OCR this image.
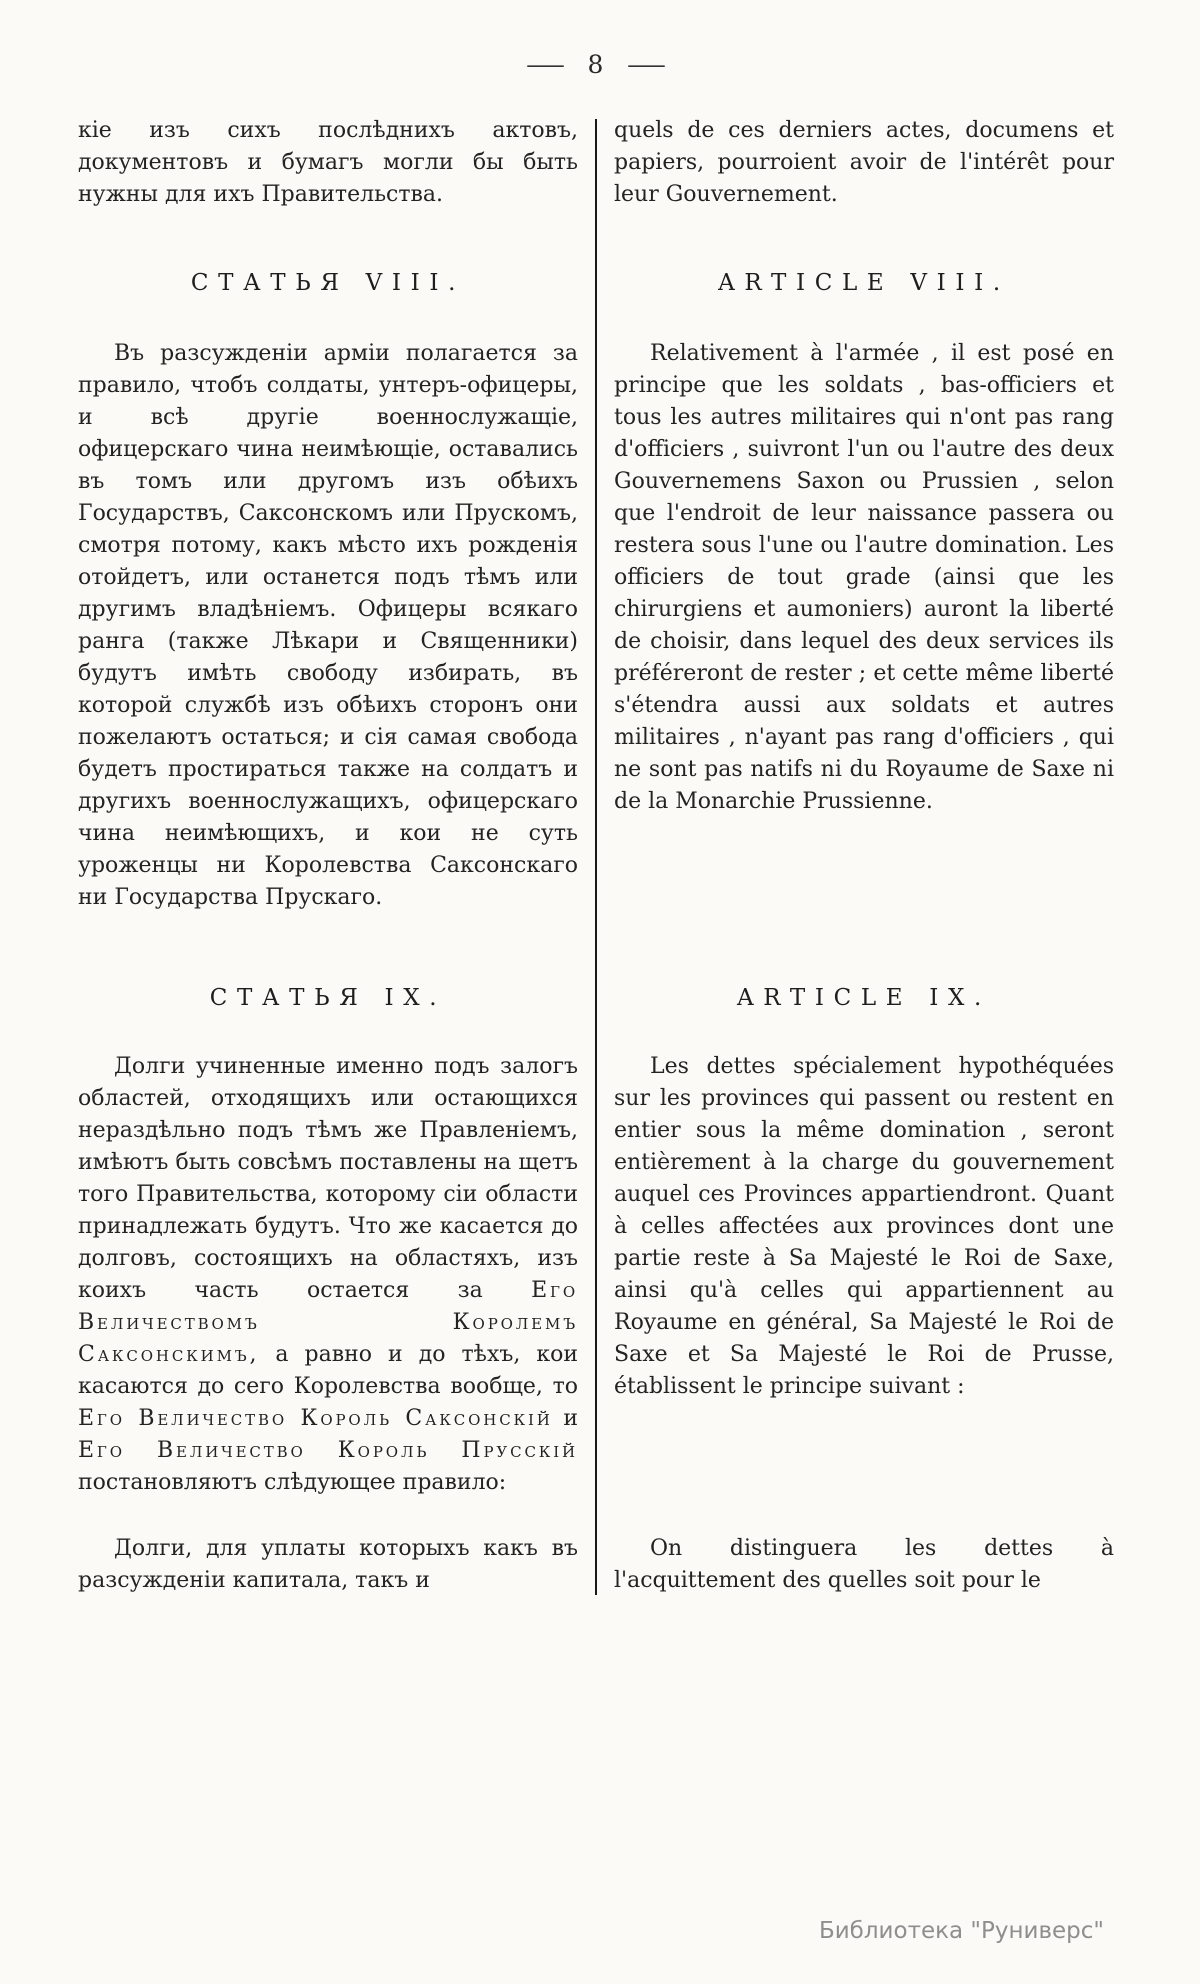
— 8 —

кіе изъ сихъ послѣднихъ актовъ, документовъ и бумагъ могли бы быть нужны для ихъ Правительства.

quels de ces derniers actes, documens et papiers, pourroient avoir de l'intérêt pour leur Gouvernement.

СТАТЬЯ VIII.	ARTICLE VIII.

Въ разсужденіи арміи полагается за правило, чтобъ солдаты, унтеръ-офицеры, и всѣ другіе военнослужащіе, офицерскаго чина неимѣющіе, оставались въ томъ или другомъ изъ обѣихъ Государствъ, Саксонскомъ или Прускомъ, смотря потому, какъ мѣсто ихъ рожденія отойдетъ, или останется подъ тѣмъ или другимъ владѣніемъ. Офицеры всякаго ранга (также Лѣкари и Священники) будутъ имѣть свободу избирать, въ которой службѣ изъ обѣихъ сторонъ они пожелаютъ остаться; и сія самая свобода будетъ простираться также на солдатъ и другихъ военнослужащихъ, офицерскаго чина неимѣющихъ, и кои не суть уроженцы ни Королевства Саксонскаго ни Государства Прускаго.

Relativement à l'armée , il est posé en principe que les soldats , bas-officiers et tous les autres militaires qui n'ont pas rang d'officiers , suivront l'un ou l'autre des deux Gouvernemens Saxon ou Prussien , selon que l'endroit de leur naissance passera ou restera sous l'une ou l'autre domination. Les officiers de tout grade (ainsi que les chirurgiens et aumoniers) auront la liberté de choisir, dans lequel des deux services ils préféreront de rester ; et cette même liberté s'étendra aussi aux soldats et autres militaires , n'ayant pas rang d'officiers , qui ne sont pas natifs ni du Royaume de Saxe ni de la Monarchie Prussienne.

СТАТЬЯ IX.	ARTICLE IX.

Долги учиненные именно подъ залогъ областей, отходящихъ или остающихся нераздѣльно подъ тѣмъ же Правленіемъ, имѣютъ быть совсѣмъ поставлены на щетъ того Правительства, которому сіи области принадлежать будутъ. Что же касается до долговъ, состоящихъ на областяхъ, изъ коихъ часть остается за Его Величествомъ Королемъ Саксонскимъ, а равно и до тѣхъ, кои касаются до сего Королевства вообще, то Его Величество Король Саксонскій и Его Величество Король Прусскій постановляютъ слѣдующее правило:

Les dettes spécialement hypothéquées sur les provinces qui passent ou restent en entier sous la même domination , seront entièrement à la charge du gouvernement auquel ces Provinces appartiendront. Quant à celles affectées aux provinces dont une partie reste à Sa Majesté le Roi de Saxe, ainsi qu'à celles qui appartiennent au Royaume en général, Sa Majesté le Roi de Saxe et Sa Majesté le Roi de Prusse, établissent le principe suivant :

Долги, для уплаты которыхъ какъ въ разсужденіи капитала, такъ и

On distinguera les dettes à l'acquittement des quelles soit pour le

Библиотека "Руниверс"
